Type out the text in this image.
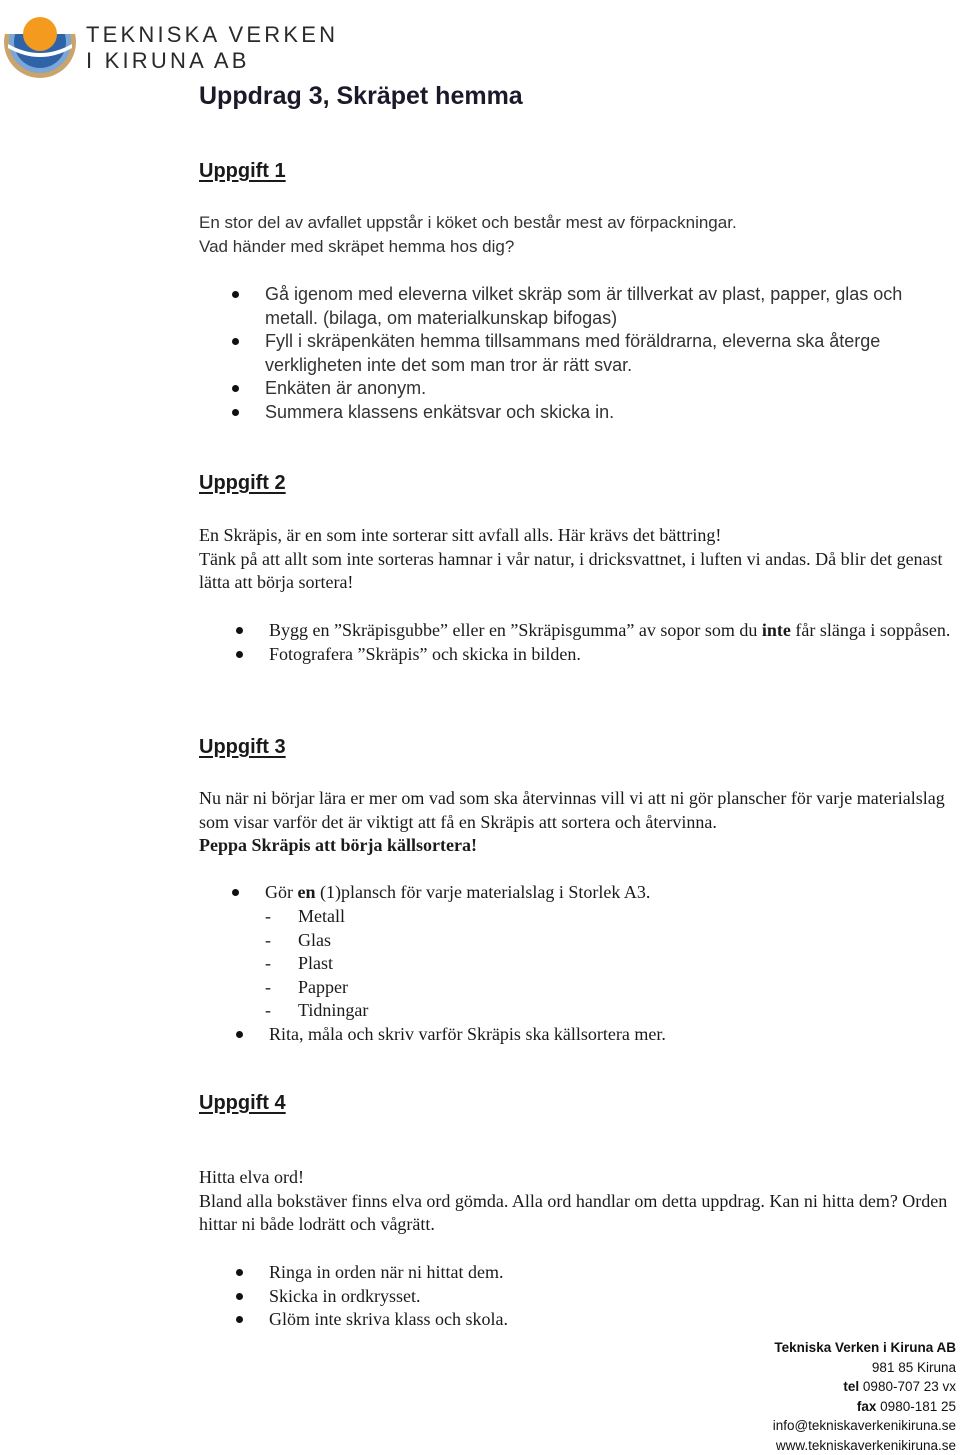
TEKNISKA VERKEN
I KIRUNA AB
Uppdrag 3, Skräpet hemma
Uppgift 1
En stor del av avfallet uppstår i köket och består mest av förpackningar.
Vad händer med skräpet hemma hos dig?
Gå igenom med eleverna vilket skräp som är tillverkat av plast, papper, glas och metall. (bilaga, om materialkunskap bifogas)
Fyll i skräpenkäten hemma tillsammans med föräldrarna, eleverna ska återge verkligheten inte det som man tror är rätt svar.
Enkäten är anonym.
Summera klassens enkätsvar och skicka in.
Uppgift 2
En Skräpis, är en som inte sorterar sitt avfall alls. Här krävs det bättring!
Tänk på att allt som inte sorteras hamnar i vår natur, i dricksvattnet, i luften vi andas. Då blir det genast lätta att börja sortera!
Bygg en ”Skräpisgubbe” eller en ”Skräpisgumma” av sopor som du inte får slänga i soppåsen.
Fotografera ”Skräpis” och skicka in bilden.
Uppgift 3
Nu när ni börjar lära er mer om vad som ska återvinnas vill vi att ni gör planscher för varje materialslag som visar varför det är viktigt att få en Skräpis att sortera och återvinna.
Peppa Skräpis att börja källsortera!
Gör en (1)plansch för varje materialslag i Storlek A3.
- Metall
- Glas
- Plast
- Papper
- Tidningar
Rita, måla och skriv varför Skräpis ska källsortera mer.
Uppgift 4
Hitta elva ord!
Bland alla bokstäver finns elva ord gömda. Alla ord handlar om detta uppdrag. Kan ni hitta dem? Orden hittar ni både lodrätt och vågrätt.
Ringa in orden när ni hittat dem.
Skicka in ordkrysset.
Glöm inte skriva klass och skola.
Tekniska Verken i Kiruna AB
981 85 Kiruna
tel 0980-707 23 vx
fax 0980-181 25
info@tekniskaverkenikiruna.se
www.tekniskaverkenikiruna.se
